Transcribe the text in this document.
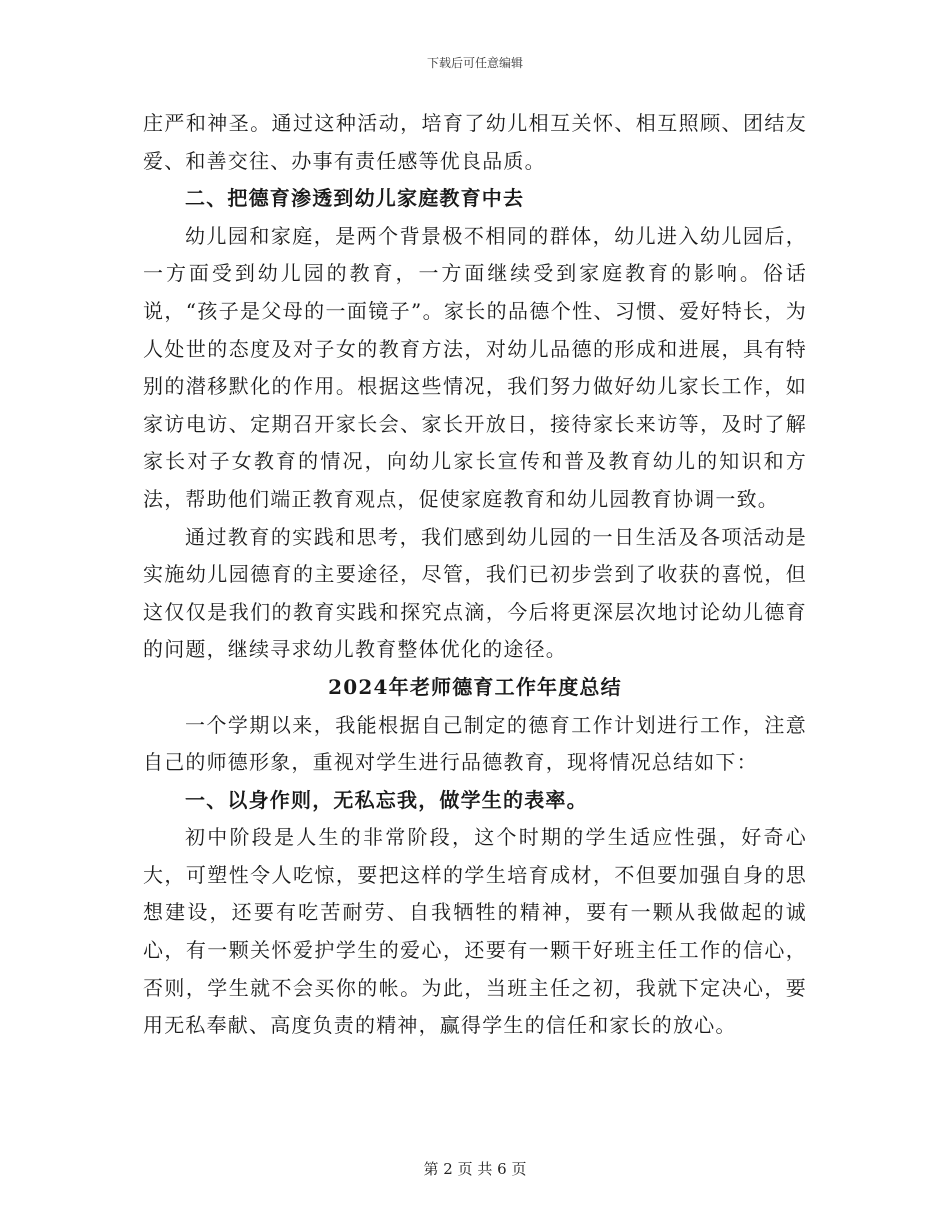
下载后可任意编辑

庄严和神圣。通过这种活动，培育了幼儿相互关怀、相互照顾、团结友爱、和善交往、办事有责任感等优良品质。

二、把德育渗透到幼儿家庭教育中去

幼儿园和家庭，是两个背景极不相同的群体，幼儿进入幼儿园后，一方面受到幼儿园的教育，一方面继续受到家庭教育的影响。俗话说，“孩子是父母的一面镜子”。家长的品德个性、习惯、爱好特长，为人处世的态度及对子女的教育方法，对幼儿品德的形成和进展，具有特别的潜移默化的作用。根据这些情况，我们努力做好幼儿家长工作，如家访电访、定期召开家长会、家长开放日，接待家长来访等，及时了解家长对子女教育的情况，向幼儿家长宣传和普及教育幼儿的知识和方法，帮助他们端正教育观点，促使家庭教育和幼儿园教育协调一致。

通过教育的实践和思考，我们感到幼儿园的一日生活及各项活动是实施幼儿园德育的主要途径，尽管，我们已初步尝到了收获的喜悦，但这仅仅是我们的教育实践和探究点滴，今后将更深层次地讨论幼儿德育的问题，继续寻求幼儿教育整体优化的途径。

2024年老师德育工作年度总结

一个学期以来，我能根据自己制定的德育工作计划进行工作，注意自己的师德形象，重视对学生进行品德教育，现将情况总结如下：

一、以身作则，无私忘我，做学生的表率。

初中阶段是人生的非常阶段，这个时期的学生适应性强，好奇心大，可塑性令人吃惊，要把这样的学生培育成材，不但要加强自身的思想建设，还要有吃苦耐劳、自我牺牲的精神，要有一颗从我做起的诚心，有一颗关怀爱护学生的爱心，还要有一颗干好班主任工作的信心，否则，学生就不会买你的帐。为此，当班主任之初，我就下定决心，要用无私奉献、高度负责的精神，赢得学生的信任和家长的放心。

第 2 页 共 6 页
